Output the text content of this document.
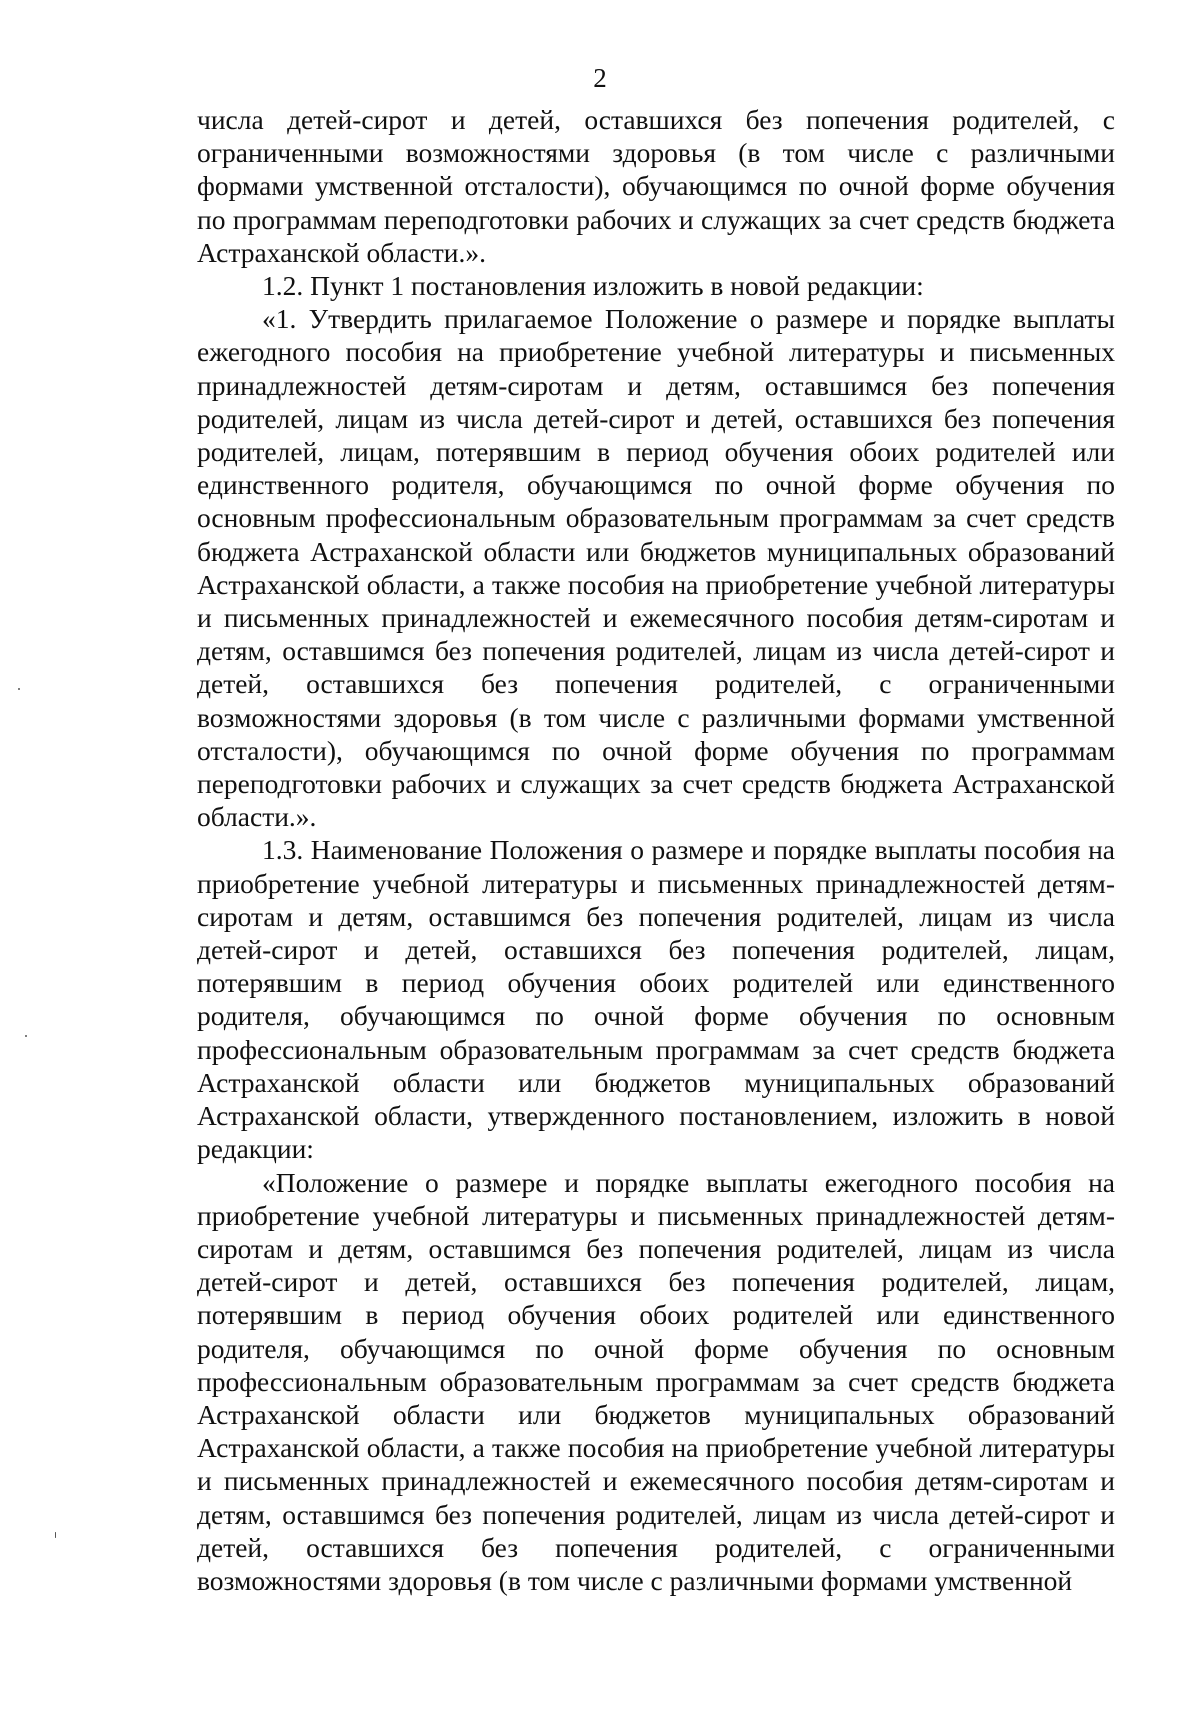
2

числа детей-сирот и детей, оставшихся без попечения родителей, с ограниченными возможностями здоровья (в том числе с различными формами умственной отсталости), обучающимся по очной форме обучения по программам переподготовки рабочих и служащих за счет средств бюджета Астраханской области.».

1.2. Пункт 1 постановления изложить в новой редакции:

«1. Утвердить прилагаемое Положение о размере и порядке выплаты ежегодного пособия на приобретение учебной литературы и письменных принадлежностей детям-сиротам и детям, оставшимся без попечения родителей, лицам из числа детей-сирот и детей, оставшихся без попечения родителей, лицам, потерявшим в период обучения обоих родителей или единственного родителя, обучающимся по очной форме обучения по основным профессиональным образовательным программам за счет средств бюджета Астраханской области или бюджетов муниципальных образований Астраханской области, а также пособия на приобретение учебной литературы и письменных принадлежностей и ежемесячного пособия детям-сиротам и детям, оставшимся без попечения родителей, лицам из числа детей-сирот и детей, оставшихся без попечения родителей, с ограниченными возможностями здоровья (в том числе с различными формами умственной отсталости), обучающимся по очной форме обучения по программам переподготовки рабочих и служащих за счет средств бюджета Астраханской области.».

1.3. Наименование Положения о размере и порядке выплаты пособия на приобретение учебной литературы и письменных принадлежностей детям-сиротам и детям, оставшимся без попечения родителей, лицам из числа детей-сирот и детей, оставшихся без попечения родителей, лицам, потерявшим в период обучения обоих родителей или единственного родителя, обучающимся по очной форме обучения по основным профессиональным образовательным программам за счет средств бюджета Астраханской области или бюджетов муниципальных образований Астраханской области, утвержденного постановлением, изложить в новой редакции:

«Положение о размере и порядке выплаты ежегодного пособия на приобретение учебной литературы и письменных принадлежностей детям-сиротам и детям, оставшимся без попечения родителей, лицам из числа детей-сирот и детей, оставшихся без попечения родителей, лицам, потерявшим в период обучения обоих родителей или единственного родителя, обучающимся по очной форме обучения по основным профессиональным образовательным программам за счет средств бюджета Астраханской области или бюджетов муниципальных образований Астраханской области, а также пособия на приобретение учебной литературы и письменных принадлежностей и ежемесячного пособия детям-сиротам и детям, оставшимся без попечения родителей, лицам из числа детей-сирот и детей, оставшихся без попечения родителей, с ограниченными возможностями здоровья (в том числе с различными формами умственной
